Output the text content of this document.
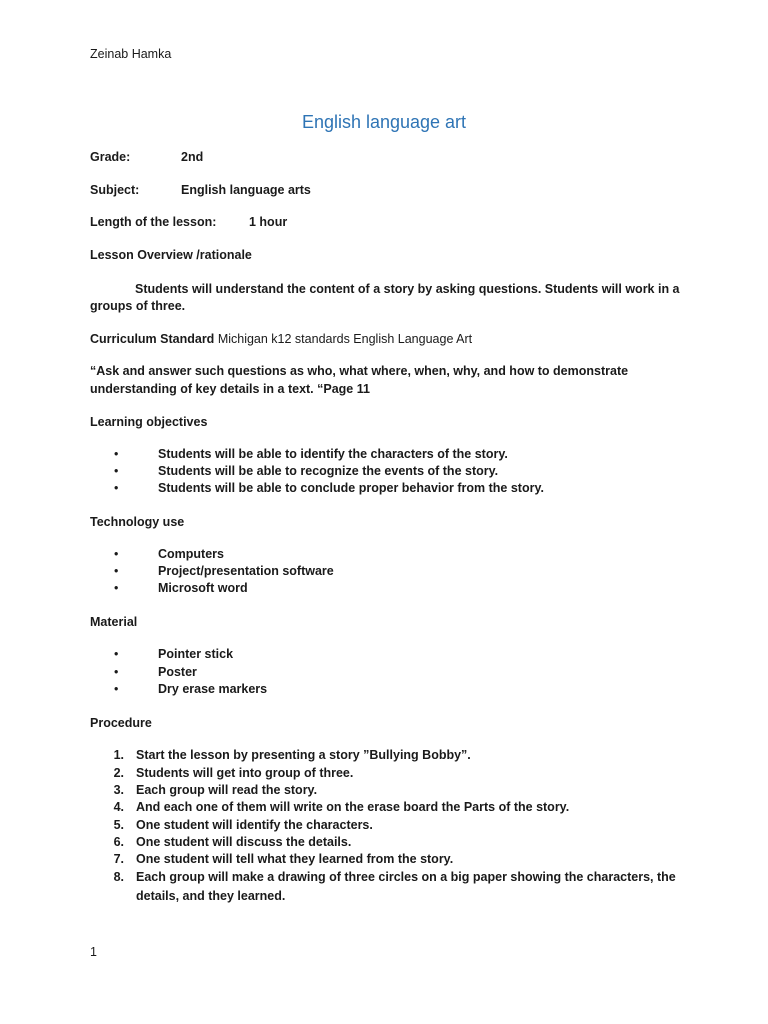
Zeinab Hamka
English language art
Grade:	2nd
Subject:	English language arts
Length of the lesson:	1 hour
Lesson Overview /rationale
Students will understand the content of a story by asking questions. Students will work in a
groups of three.
Curriculum Standard Michigan k12 standards English Language Art
“Ask and answer such questions as who, what where, when, why, and how to demonstrate
understanding of key details in a text. “Page 11
Learning objectives
•	Students will be able to identify the characters of the story.
•	Students will be able to recognize the events of the story.
•	Students will be able to conclude proper behavior from the story.
Technology use
•	Computers
•	Project/presentation software
•	Microsoft word
Material
•	Pointer stick
•	Poster
•	Dry erase markers
Procedure
1. Start the lesson by presenting a story ”Bullying Bobby”.
2. Students will get into group of three.
3. Each group will read the story.
4. And each one of them will write on the erase board the Parts of the story.
5. One student will identify the characters.
6. One student will discuss the details.
7. One student will tell what they learned from the story.
8. Each group will make a drawing of three circles on a big paper showing the characters, the
details, and they learned.
1
